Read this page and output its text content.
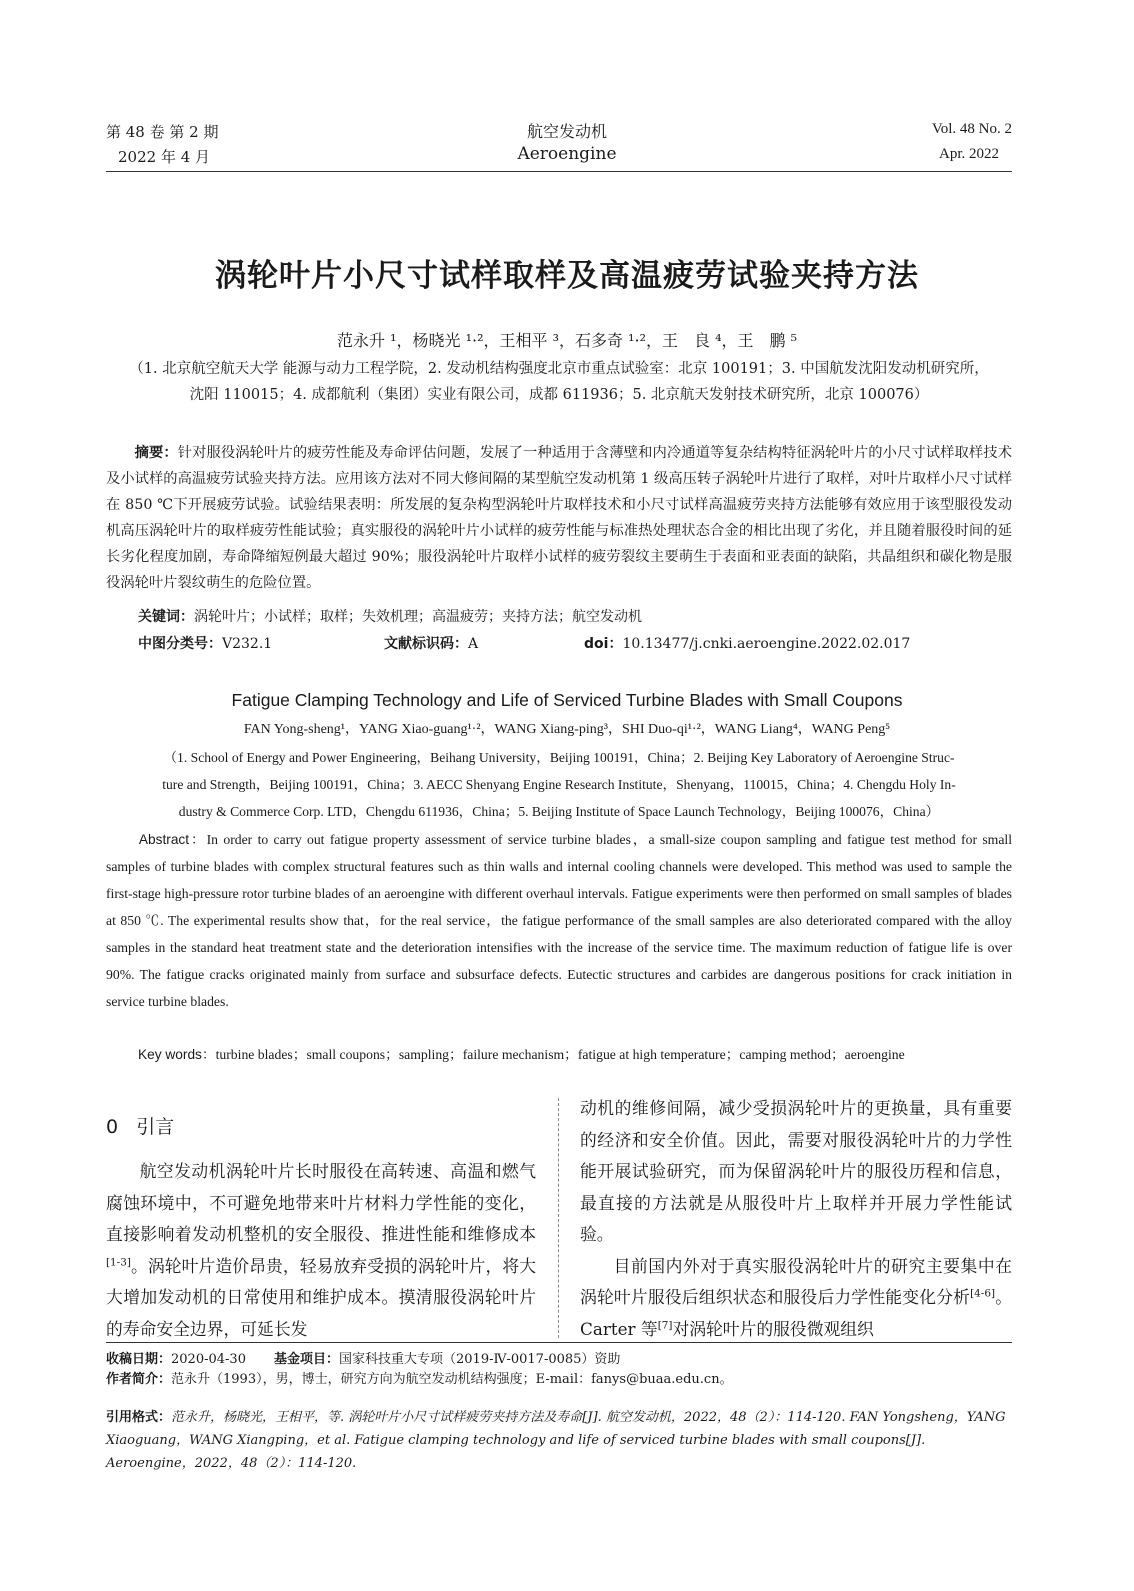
第 48 卷 第 2 期
2022 年 4 月
航空发动机
Aeroengine
Vol. 48 No. 2
Apr. 2022
涡轮叶片小尺寸试样取样及高温疲劳试验夹持方法
范永升 ¹，杨晓光 ¹·²，王相平 ³，石多奇 ¹·²，王　良 ⁴，王　鹏 ⁵
（1. 北京航空航天大学 能源与动力工程学院，2. 发动机结构强度北京市重点试验室：北京 100191；3. 中国航发沈阳发动机研究所，
沈阳 110015；4. 成都航利（集团）实业有限公司，成都 611936；5. 北京航天发射技术研究所，北京 100076）
摘要：针对服役涡轮叶片的疲劳性能及寿命评估问题，发展了一种适用于含薄壁和内冷通道等复杂结构特征涡轮叶片的小尺寸试样取样技术及小试样的高温疲劳试验夹持方法。应用该方法对不同大修间隔的某型航空发动机第 1 级高压转子涡轮叶片进行了取样，对叶片取样小尺寸试样在 850 ℃下开展疲劳试验。试验结果表明：所发展的复杂构型涡轮叶片取样技术和小尺寸试样高温疲劳夹持方法能够有效应用于该型服役发动机高压涡轮叶片的取样疲劳性能试验；真实服役的涡轮叶片小试样的疲劳性能与标准热处理状态合金的相比出现了劣化，并且随着服役时间的延长劣化程度加剧，寿命降缩短例最大超过 90%；服役涡轮叶片取样小试样的疲劳裂纹主要萌生于表面和亚表面的缺陷，共晶组织和碳化物是服役涡轮叶片裂纹萌生的危险位置。
关键词：涡轮叶片；小试样；取样；失效机理；高温疲劳；夹持方法；航空发动机
中图分类号：V232.1	文献标识码：A	doi：10.13477/j.cnki.aeroengine.2022.02.017
Fatigue Clamping Technology and Life of Serviced Turbine Blades with Small Coupons
FAN Yong-sheng¹，YANG Xiao-guang¹·²，WANG Xiang-ping³，SHI Duo-qi¹·²，WANG Liang⁴，WANG Peng⁵
（1. School of Energy and Power Engineering，Beihang University，Beijing 100191，China；2. Beijing Key Laboratory of Aeroengine Struc-
ture and Strength，Beijing 100191，China；3. AECC Shenyang Engine Research Institute，Shenyang，110015，China；4. Chengdu Holy In-
dustry & Commerce Corp. LTD，Chengdu 611936，China；5. Beijing Institute of Space Launch Technology，Beijing 100076，China）
Abstract：In order to carry out fatigue property assessment of service turbine blades，a small-size coupon sampling and fatigue test method for small samples of turbine blades with complex structural features such as thin walls and internal cooling channels were developed. This method was used to sample the first-stage high-pressure rotor turbine blades of an aeroengine with different overhaul intervals. Fatigue experiments were then performed on small samples of blades at 850 ℃. The experimental results show that，for the real service，the fatigue performance of the small samples are also deteriorated compared with the alloy samples in the standard heat treatment state and the deterioration intensifies with the increase of the service time. The maximum reduction of fatigue life is over 90%. The fatigue cracks originated mainly from surface and subsurface defects. Eutectic structures and carbides are dangerous positions for crack initiation in service turbine blades.
Key words：turbine blades；small coupons；sampling；failure mechanism；fatigue at high temperature；camping method；aeroengine
0 引言
航空发动机涡轮叶片长时服役在高转速、高温和燃气腐蚀环境中，不可避免地带来叶片材料力学性能的变化，直接影响着发动机整机的安全服役、推进性能和维修成本[1-3]。涡轮叶片造价昂贵，轻易放弃受损的涡轮叶片，将大大增加发动机的日常使用和维护成本。摸清服役涡轮叶片的寿命安全边界，可延长发

动机的维修间隔，减少受损涡轮叶片的更换量，具有重要的经济和安全价值。因此，需要对服役涡轮叶片的力学性能开展试验研究，而为保留涡轮叶片的服役历程和信息，最直接的方法就是从服役叶片上取样并开展力学性能试验。

目前国内外对于真实服役涡轮叶片的研究主要集中在涡轮叶片服役后组织状态和服役后力学性能变化分析[4-6]。Carter 等[7]对涡轮叶片的服役微观组织

收稿日期：2020-04-30 基金项目：国家科技重大专项（2019-Ⅳ-0017-0085）资助
作者简介：范永升（1993），男，博士，研究方向为航空发动机结构强度；E-mail：fanys@buaa.edu.cn。
引用格式：范永升，杨晓光，王相平，等. 涡轮叶片小尺寸试样疲劳夹持方法及寿命[J]. 航空发动机，2022，48（2）：114-120. FAN Yongsheng，YANG Xiaoguang，WANG Xiangping，et al. Fatigue clamping technology and life of serviced turbine blades with small coupons[J]. Aeroengine，2022，48（2）：114-120.
